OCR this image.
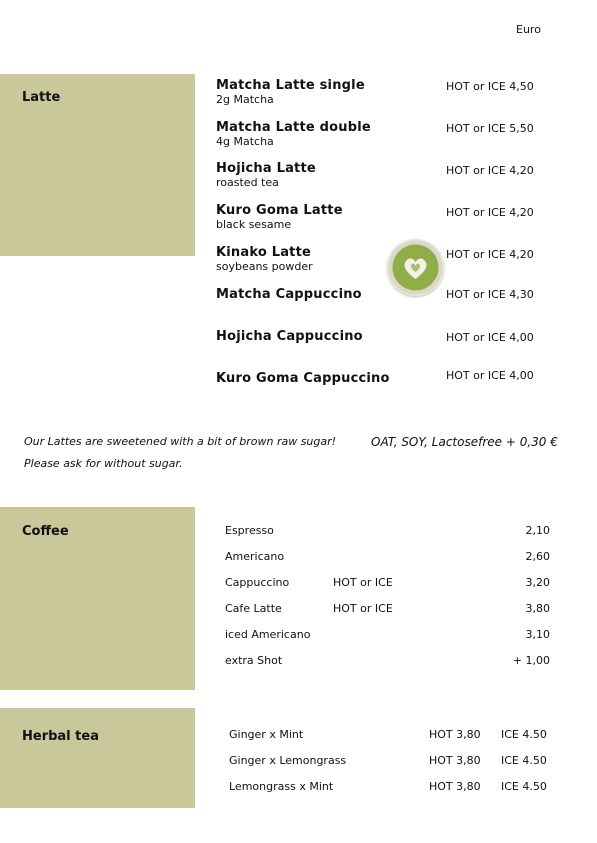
Euro
Latte
Matcha Latte single
2g Matcha
HOT or ICE 4,50
Matcha Latte double
4g Matcha
HOT or ICE 5,50
Hojicha Latte
roasted tea
HOT or ICE 4,20
Kuro Goma Latte
black sesame
HOT or ICE 4,20
Kinako Latte
soybeans powder
HOT or ICE 4,20
Matcha Cappuccino	HOT or ICE 4,30
Hojicha Cappuccino	HOT or ICE 4,00
Kuro Goma Cappuccino	HOT or ICE 4,00
Our Lattes are sweetened with a bit of brown raw sugar!
Please ask for without sugar.
OAT, SOY, Lactosefree + 0,30 €
Coffee	Espresso	2,10
Americano	2,60
Cappuccino	HOT or ICE	3,20
Cafe Latte	HOT or ICE	3,80
iced Americano	3,10
extra Shot	+ 1,00
Herbal tea	Ginger x Mint	HOT 3,80 ICE 4.50
Ginger x Lemongrass	HOT 3,80 ICE 4.50
Lemongrass x Mint	HOT 3,80 ICE 4.50
